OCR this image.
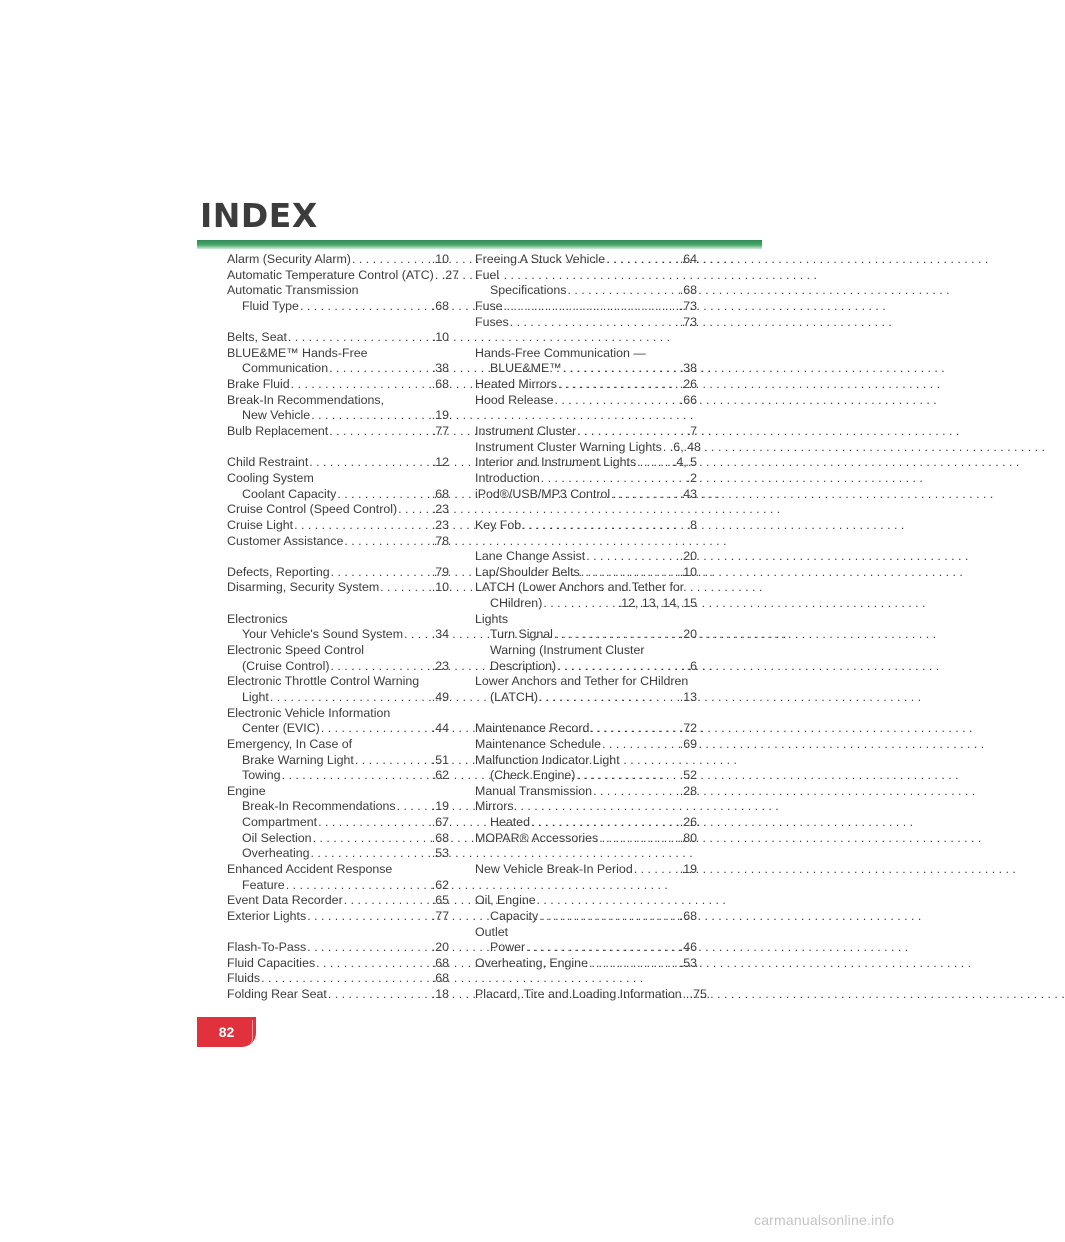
INDEX
Alarm (Security Alarm) . . .	.10
Automatic Temperature Control (ATC) . . . .27
Automatic Transmission
Fluid Type . . .	.68
Belts, Seat . . .	.10
BLUE&ME™ Hands-Free
Communication . . .	.38
Brake Fluid . . .	.68
Break-In Recommendations,
New Vehicle . . .	.19
Bulb Replacement . . .	.77
Child Restraint . . .	.12
Cooling System
Coolant Capacity . . .	.68
Cruise Control (Speed Control) . . .	.23
Cruise Light . . .	.23
Customer Assistance . . .	.78
Defects, Reporting . . .	.79
Disarming, Security System . . .	.10
Electronics
Your Vehicle's Sound System . . . .34
Electronic Speed Control
(Cruise Control) . . .	.23
Electronic Throttle Control Warning
Light . . .	.49
Electronic Vehicle Information
Center (EVIC) . . .	.44
Emergency, In Case of
Brake Warning Light . . .	.51
Towing . . .	.62
Engine
Break-In Recommendations . . .	.19
Compartment . . .	.67
Oil Selection . . .	.68
Overheating . . .	.53
Enhanced Accident Response
Feature . . .	.62
Event Data Recorder . . .	.65
Exterior Lights . . .	.77
Flash-To-Pass . . .	.20
Fluid Capacities . . .	.68
Fluids . . .	.68
Folding Rear Seat . . .	.18
Freeing A Stuck Vehicle . . .	.64
Fuel
Specifications . . .	.68
Fuse . . .	.73
Fuses . . .	.73
Hands-Free Communication —
BLUE&ME™ . . .	.38
Heated Mirrors . . .	.26
Hood Release . . .	.66
Instrument Cluster . . .	.7
Instrument Cluster Warning Lights . . . .6, 48
Interior and Instrument Lights . . .	.4, 5
Introduction . . .	.2
iPod®/USB/MP3 Control . . .	.43
Key Fob . . .	.8
Lane Change Assist . . .	.20
Lap/Shoulder Belts . . .	.10
LATCH (Lower Anchors and Tether for
CHildren) . . .	.12, 13, 14, 15
Lights
Turn Signal . . .	.20
Warning (Instrument Cluster
Description) . . .	.6
Lower Anchors and Tether for CHildren
(LATCH) . . .	.13
Maintenance Record . . .	.72
Maintenance Schedule . . .	.69
Malfunction Indicator Light
(Check Engine) . . .	.52
Manual Transmission . . .	.28
Mirrors
Heated . . .	.26
MOPAR® Accessories . . .	.80
New Vehicle Break-In Period . . .	.19
Oil, Engine
Capacity . . .	.68
Outlet
Power . . .	.46
Overheating, Engine . . .	.53
Placard, Tire and Loading Information . . . .75
82
carmanualsonline.info
